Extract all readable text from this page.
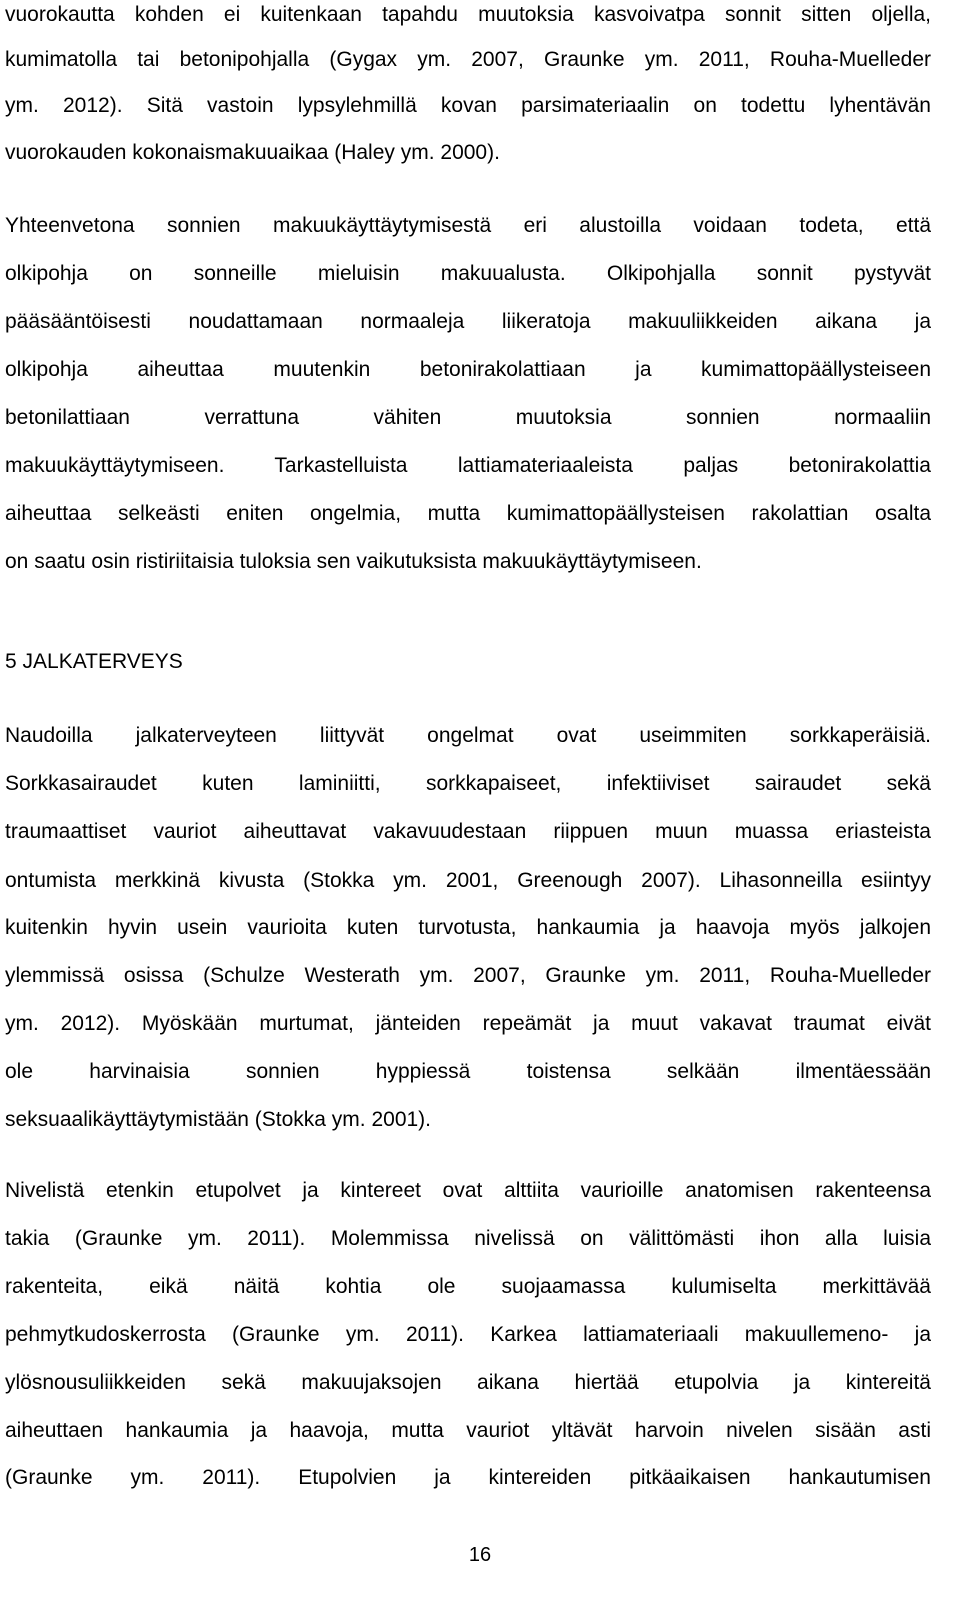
vuorokautta kohden ei kuitenkaan tapahdu muutoksia kasvoivatpa sonnit sitten oljella,

kumimatolla tai betonipohjalla (Gygax ym. 2007, Graunke ym. 2011, Rouha-Muelleder

ym. 2012). Sitä vastoin lypsylehmillä kovan parsimateriaalin on todettu lyhentävän

vuorokauden kokonaismakuuaikaa (Haley ym. 2000).

Yhteenvetona sonnien makuukäyttäytymisestä eri alustoilla voidaan todeta, että

olkipohja on sonneille mieluisin makuualusta. Olkipohjalla sonnit pystyvät

pääsääntöisesti noudattamaan normaaleja liikeratoja makuuliikkeiden aikana ja

olkipohja aiheuttaa muutenkin betonirakolattiaan ja kumimattopäällysteiseen

betonilattiaan verrattuna vähiten muutoksia sonnien normaaliin

makuukäyttäytymiseen. Tarkastelluista lattiamateriaaleista paljas betonirakolattia

aiheuttaa selkeästi eniten ongelmia, mutta kumimattopäällysteisen rakolattian osalta

on saatu osin ristiriitaisia tuloksia sen vaikutuksista makuukäyttäytymiseen.

5 JALKATERVEYS

Naudoilla jalkaterveyteen liittyvät ongelmat ovat useimmiten sorkkaperäisiä.

Sorkkasairaudet kuten laminiitti, sorkkapaiseet, infektiiviset sairaudet sekä

traumaattiset vauriot aiheuttavat vakavuudestaan riippuen muun muassa eriasteista

ontumista merkkinä kivusta (Stokka ym. 2001, Greenough 2007). Lihasonneilla esiintyy

kuitenkin hyvin usein vaurioita kuten turvotusta, hankaumia ja haavoja myös jalkojen

ylemmissä osissa (Schulze Westerath ym. 2007, Graunke ym. 2011, Rouha-Muelleder

ym. 2012). Myöskään murtumat, jänteiden repeämät ja muut vakavat traumat eivät

ole harvinaisia sonnien hyppiessä toistensa selkään ilmentäessään

seksuaalikäyttäytymistään (Stokka ym. 2001).

Nivelistä etenkin etupolvet ja kintereet ovat alttiita vaurioille anatomisen rakenteensa

takia (Graunke ym. 2011). Molemmissa nivelissä on välittömästi ihon alla luisia

rakenteita, eikä näitä kohtia ole suojaamassa kulumiselta merkittävää

pehmytkudoskerrosta (Graunke ym. 2011). Karkea lattiamateriaali makuullemeno- ja

ylösnousuliikkeiden sekä makuujaksojen aikana hiertää etupolvia ja kintereitä

aiheuttaen hankaumia ja haavoja, mutta vauriot yltävät harvoin nivelen sisään asti

(Graunke ym. 2011). Etupolvien ja kintereiden pitkäaikaisen hankautumisen

16
